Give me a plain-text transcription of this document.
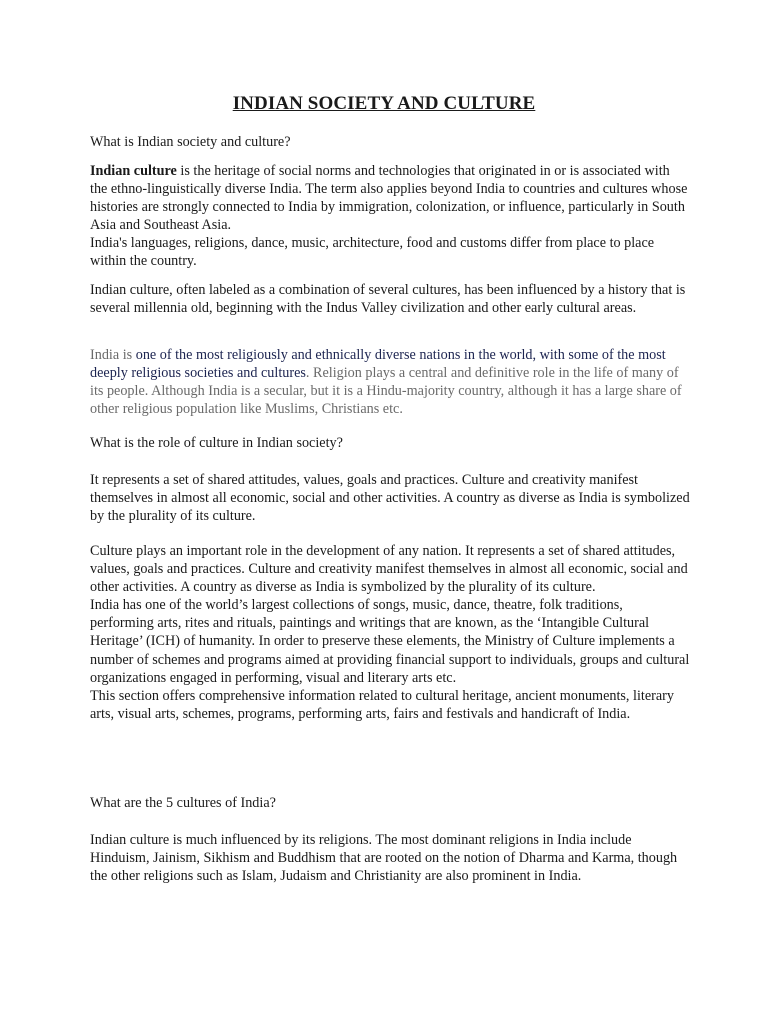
INDIAN SOCIETY AND CULTURE
What is Indian society and culture?
Indian culture is the heritage of social norms and technologies that originated in or is associated with the ethno-linguistically diverse India. The term also applies beyond India to countries and cultures whose histories are strongly connected to India by immigration, colonization, or influence, particularly in South Asia and Southeast Asia.
India's languages, religions, dance, music, architecture, food and customs differ from place to place within the country.
Indian culture, often labeled as a combination of several cultures, has been influenced by a history that is several millennia old, beginning with the Indus Valley civilization and other early cultural areas.
India is one of the most religiously and ethnically diverse nations in the world, with some of the most deeply religious societies and cultures. Religion plays a central and definitive role in the life of many of its people. Although India is a secular, but it is a Hindu-majority country, although it has a large share of other religious population like Muslims, Christians etc.
What is the role of culture in Indian society?
It represents a set of shared attitudes, values, goals and practices. Culture and creativity manifest themselves in almost all economic, social and other activities. A country as diverse as India is symbolized by the plurality of its culture.
Culture plays an important role in the development of any nation. It represents a set of shared attitudes, values, goals and practices. Culture and creativity manifest themselves in almost all economic, social and other activities. A country as diverse as India is symbolized by the plurality of its culture.
India has one of the world’s largest collections of songs, music, dance, theatre, folk traditions, performing arts, rites and rituals, paintings and writings that are known, as the ‘Intangible Cultural Heritage’ (ICH) of humanity. In order to preserve these elements, the Ministry of Culture implements a number of schemes and programs aimed at providing financial support to individuals, groups and cultural organizations engaged in performing, visual and literary arts etc.
This section offers comprehensive information related to cultural heritage, ancient monuments, literary arts, visual arts, schemes, programs, performing arts, fairs and festivals and handicraft of India.
What are the 5 cultures of India?
Indian culture is much influenced by its religions. The most dominant religions in India include Hinduism, Jainism, Sikhism and Buddhism that are rooted on the notion of Dharma and Karma, though the other religions such as Islam, Judaism and Christianity are also prominent in India.
